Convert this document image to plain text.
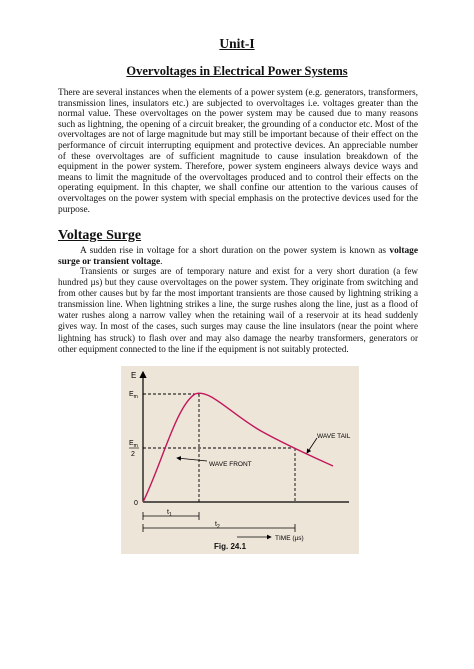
Unit-I
Overvoltages in Electrical Power Systems

There are several instances when the elements of a power system (e.g. generators, transformers, transmission lines, insulators etc.) are subjected to overvoltages i.e. voltages greater than the normal value. These overvoltages on the power system may be caused due to many reasons such as lightning, the opening of a circuit breaker, the grounding of a conductor etc. Most of the overvoltages are not of large magnitude but may still be important because of their effect on the performance of circuit interrupting equipment and protective devices. An appreciable number of these overvoltages are of sufficient magnitude to cause insulation breakdown of the equipment in the power system. Therefore, power system engineers always device ways and means to limit the magnitude of the overvoltages produced and to control their effects on the operating equipment. In this chapter, we shall confine our attention to the various causes of overvoltages on the power system with special emphasis on the protective devices used for the purpose.

Voltage Surge

A sudden rise in voltage for a short duration on the power system is known as voltage surge or transient voltage.

Transients or surges are of temporary nature and exist for a very short duration (a few hundred µs) but they cause overvoltages on the power system. They originate from switching and from other causes but by far the most important transients are those caused by lightning striking a transmission line. When lightning strikes a line, the surge rushes along the line, just as a flood of water rushes along a narrow valley when the retaining wail of a reservoir at its head suddenly gives way. In most of the cases, such surges may cause the line insulators (near the point where lightning has struck) to flash over and may also damage the nearby transformers, generators or other equipment connected to the line if the equipment is not suitably protected.

E
$E_m$
$E_m$
2
0
WAVE FRONT
WAVE TAIL
$t_1$
$t_2$
TIME (µs)
Fig. 24.1
